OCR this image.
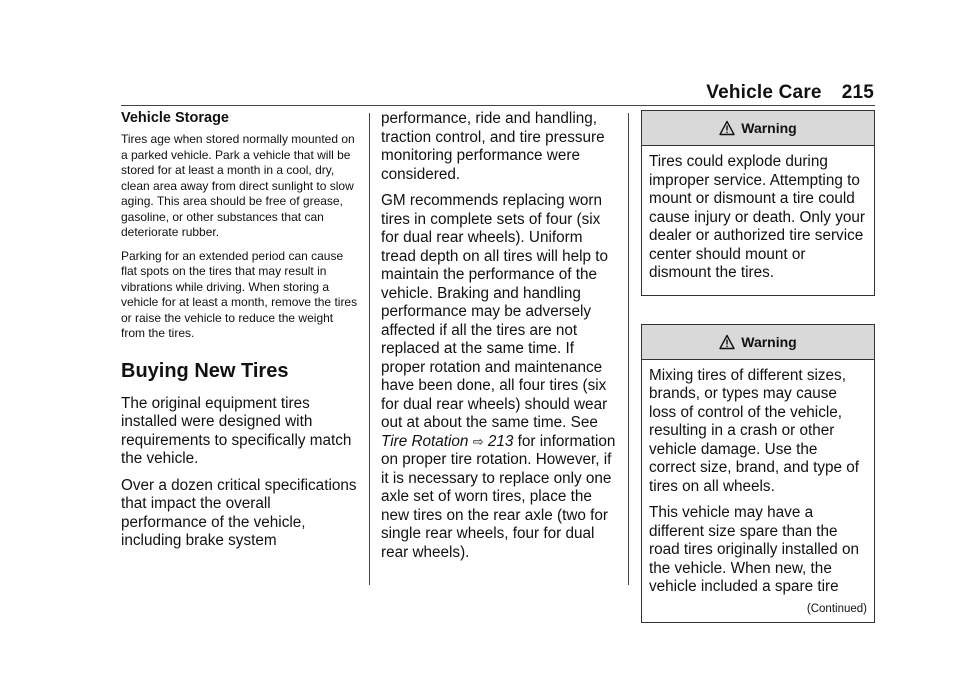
Vehicle Care 215
Vehicle Storage

Tires age when stored normally mounted on a parked vehicle. Park a vehicle that will be stored for at least a month in a cool, dry, clean area away from direct sunlight to slow aging. This area should be free of grease, gasoline, or other substances that can deteriorate rubber.

Parking for an extended period can cause flat spots on the tires that may result in vibrations while driving. When storing a vehicle for at least a month, remove the tires or raise the vehicle to reduce the weight from the tires.

Buying New Tires

The original equipment tires installed were designed with requirements to specifically match the vehicle.

Over a dozen critical specifications that impact the overall performance of the vehicle, including brake system

performance, ride and handling, traction control, and tire pressure monitoring performance were considered.

GM recommends replacing worn tires in complete sets of four (six for dual rear wheels). Uniform tread depth on all tires will help to maintain the performance of the vehicle. Braking and handling performance may be adversely affected if all the tires are not replaced at the same time. If proper rotation and maintenance have been done, all four tires (six for dual rear wheels) should wear out at about the same time. See Tire Rotation ⇨ 213 for information on proper tire rotation. However, if it is necessary to replace only one axle set of worn tires, place the new tires on the rear axle (two for single rear wheels, four for dual rear wheels).

Warning

Tires could explode during improper service. Attempting to mount or dismount a tire could cause injury or death. Only your dealer or authorized tire service center should mount or dismount the tires.

Warning

Mixing tires of different sizes, brands, or types may cause loss of control of the vehicle, resulting in a crash or other vehicle damage. Use the correct size, brand, and type of tires on all wheels.

This vehicle may have a different size spare than the road tires originally installed on the vehicle. When new, the vehicle included a spare tire

(Continued)
